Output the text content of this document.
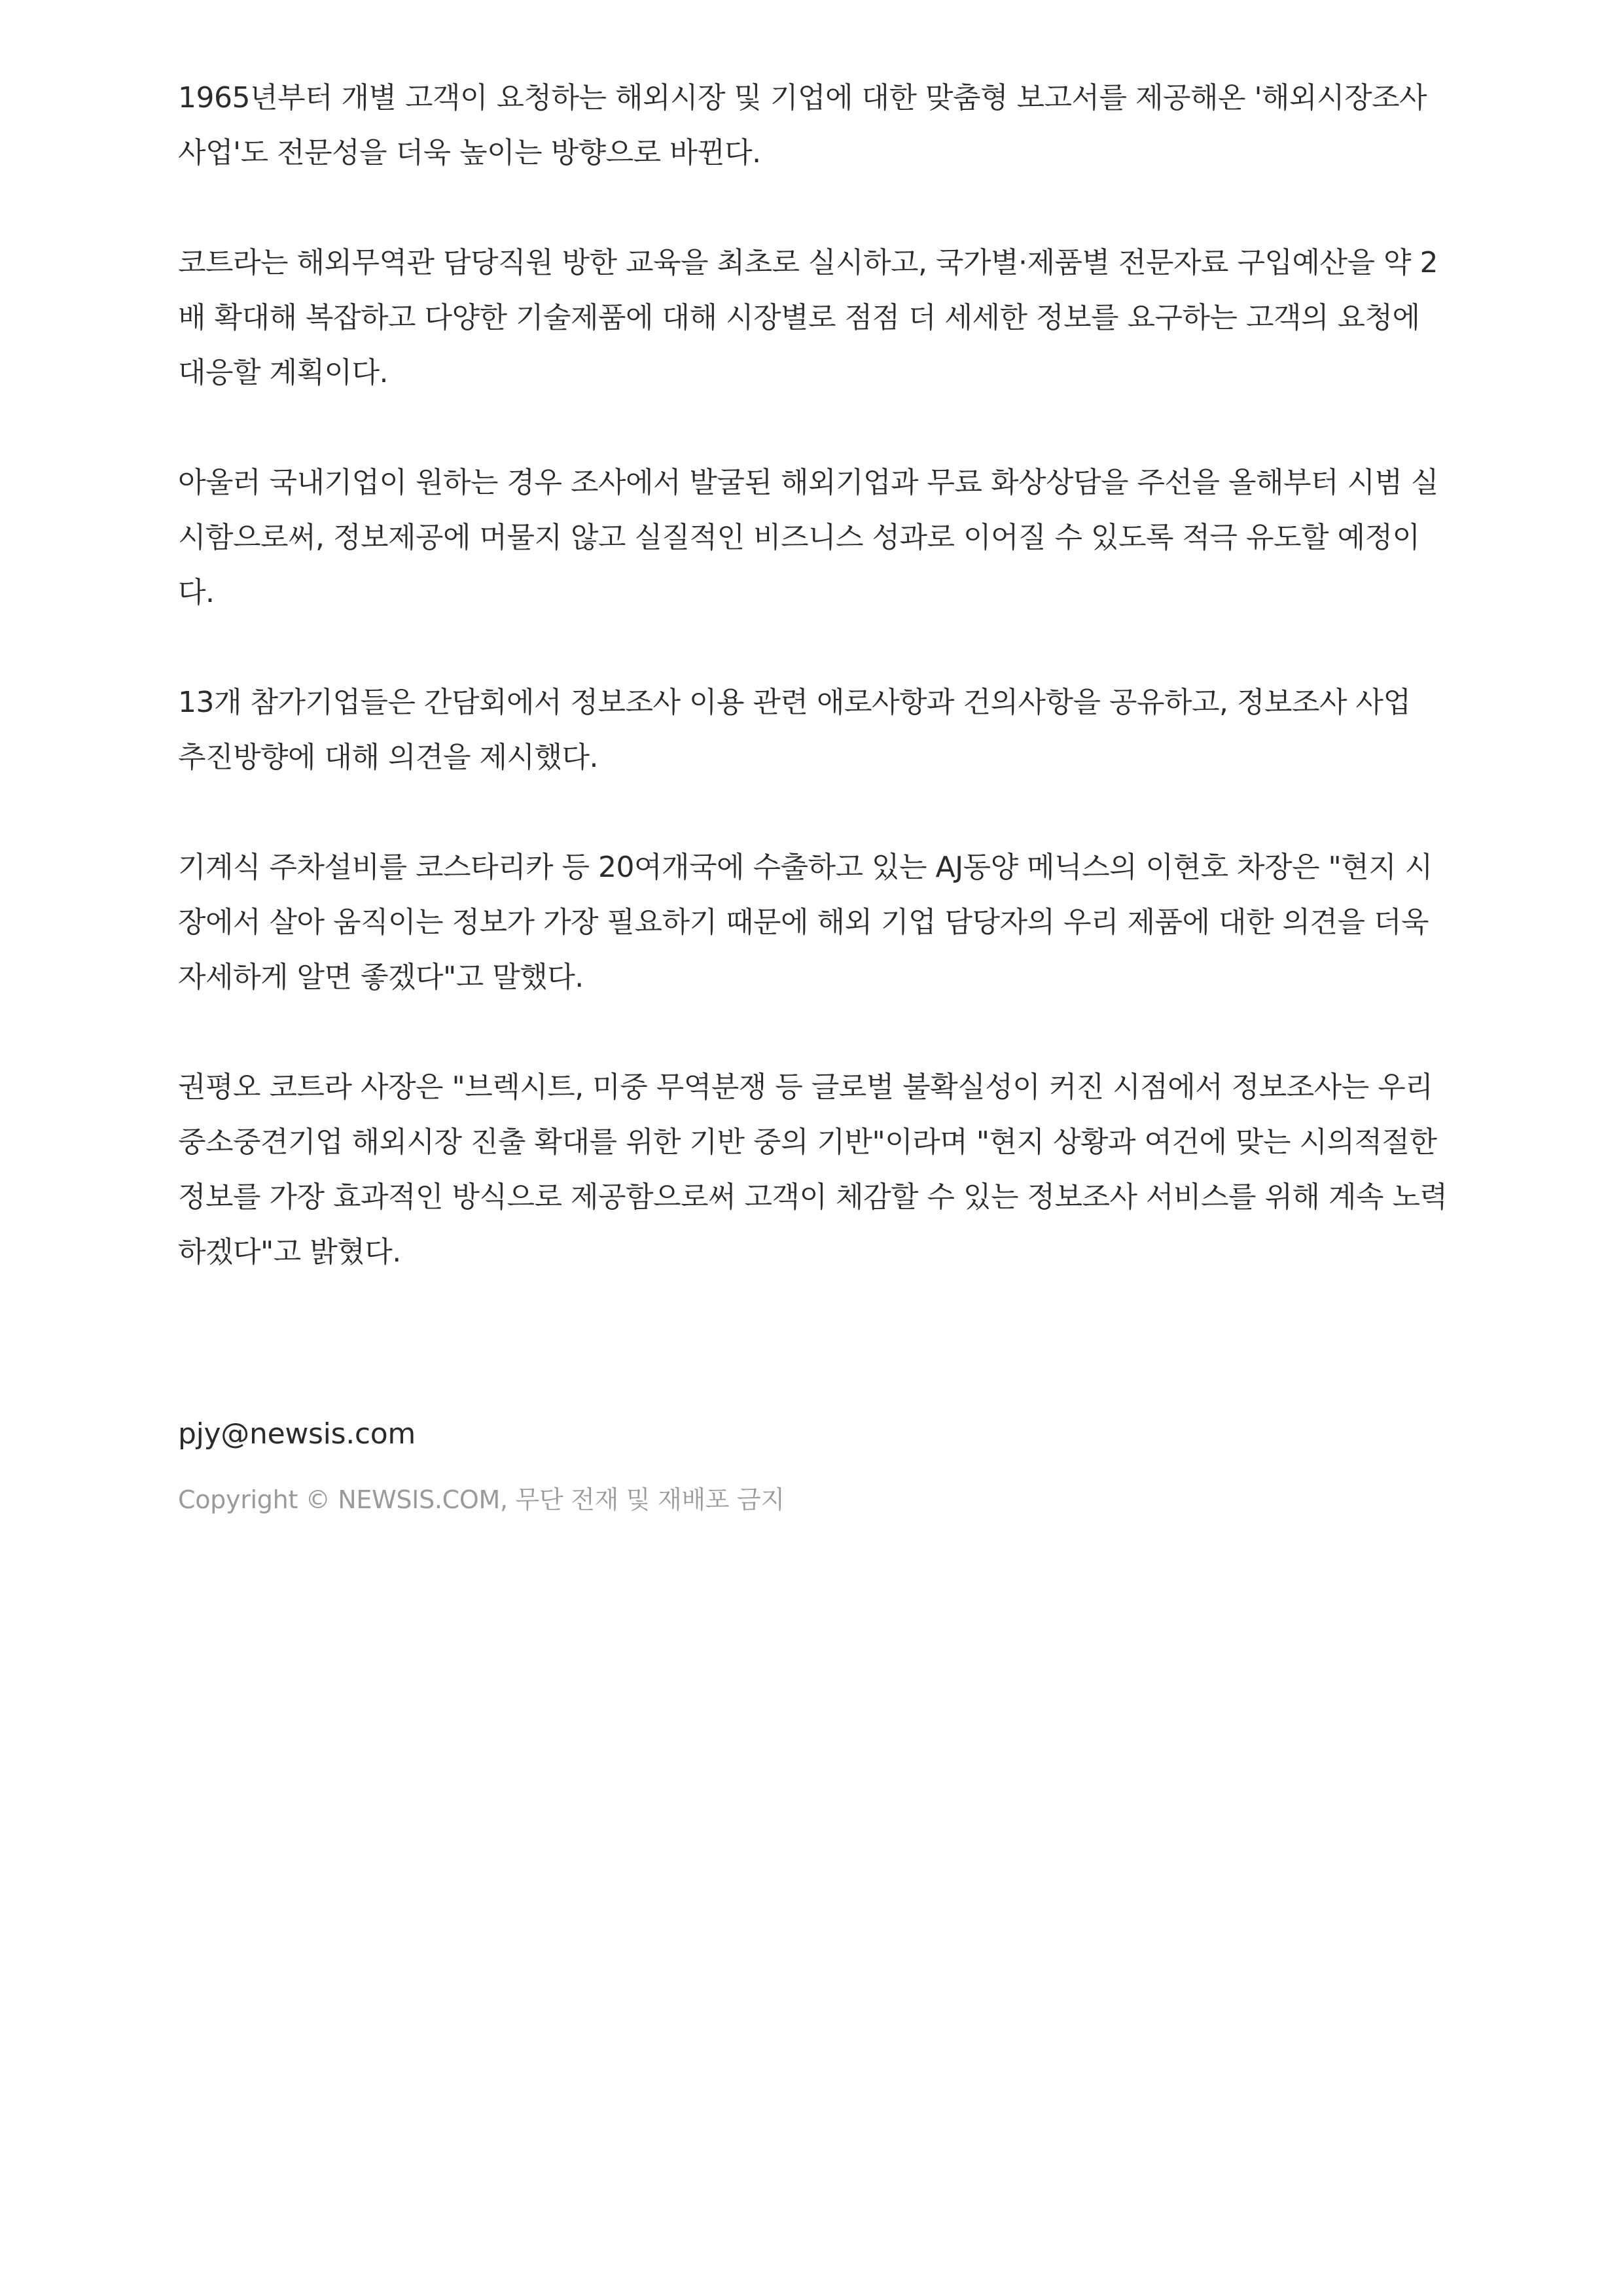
1965년부터 개별 고객이 요청하는 해외시장 및 기업에 대한 맞춤형 보고서를 제공해온 '해외시장조사
사업'도 전문성을 더욱 높이는 방향으로 바뀐다.

코트라는 해외무역관 담당직원 방한 교육을 최초로 실시하고, 국가별·제품별 전문자료 구입예산을 약 2
배 확대해 복잡하고 다양한 기술제품에 대해 시장별로 점점 더 세세한 정보를 요구하는 고객의 요청에
대응할 계획이다.

아울러 국내기업이 원하는 경우 조사에서 발굴된 해외기업과 무료 화상상담을 주선을 올해부터 시범 실
시함으로써, 정보제공에 머물지 않고 실질적인 비즈니스 성과로 이어질 수 있도록 적극 유도할 예정이
다.

13개 참가기업들은 간담회에서 정보조사 이용 관련 애로사항과 건의사항을 공유하고, 정보조사 사업
추진방향에 대해 의견을 제시했다.

기계식 주차설비를 코스타리카 등 20여개국에 수출하고 있는 AJ동양 메닉스의 이현호 차장은 "현지 시
장에서 살아 움직이는 정보가 가장 필요하기 때문에 해외 기업 담당자의 우리 제품에 대한 의견을 더욱
자세하게 알면 좋겠다"고 말했다.

권평오 코트라 사장은 "브렉시트, 미중 무역분쟁 등 글로벌 불확실성이 커진 시점에서 정보조사는 우리
중소중견기업 해외시장 진출 확대를 위한 기반 중의 기반"이라며 "현지 상황과 여건에 맞는 시의적절한
정보를 가장 효과적인 방식으로 제공함으로써 고객이 체감할 수 있는 정보조사 서비스를 위해 계속 노력
하겠다"고 밝혔다.

pjy@newsis.com
Copyright © NEWSIS.COM, 무단 전재 및 재배포 금지
